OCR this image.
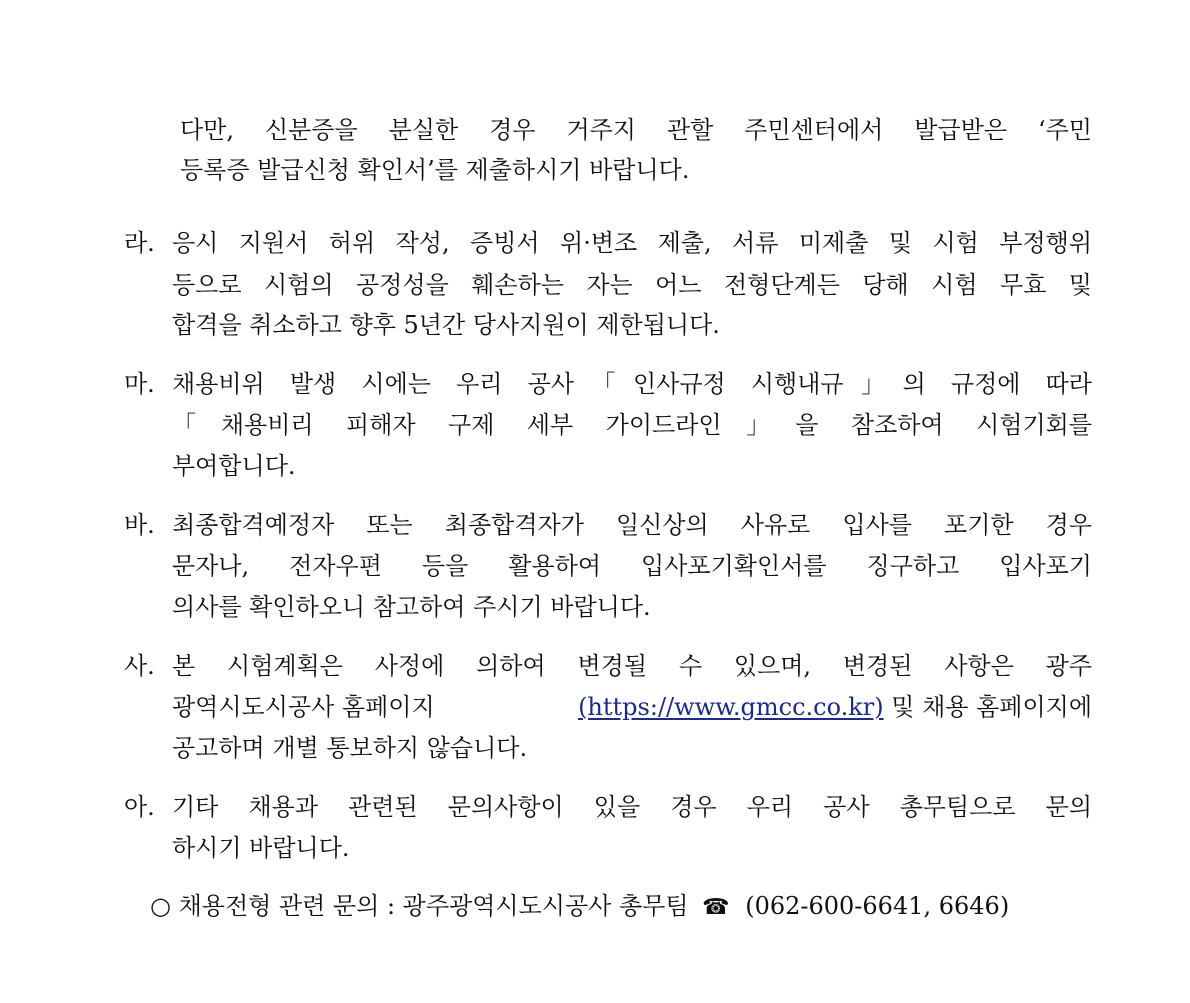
다만, 신분증을 분실한 경우 거주지 관할 주민센터에서 발급받은 ‘주민
등록증 발급신청 확인서’를 제출하시기 바랍니다.
라. 응시 지원서 허위 작성, 증빙서 위·변조 제출, 서류 미제출 및 시험 부정행위
등으로 시험의 공정성을 훼손하는 자는 어느 전형단계든 당해 시험 무효 및
합격을 취소하고 향후 5년간 당사지원이 제한됩니다.
마. 채용비위 발생 시에는 우리 공사「인사규정 시행내규」의 규정에 따라
「채용비리 피해자 구제 세부 가이드라인」을 참조하여 시험기회를
부여합니다.
바. 최종합격예정자 또는 최종합격자가 일신상의 사유로 입사를 포기한 경우
문자나, 전자우편 등을 활용하여 입사포기확인서를 징구하고 입사포기
의사를 확인하오니 참고하여 주시기 바랍니다.
사. 본 시험계획은 사정에 의하여 변경될 수 있으며, 변경된 사항은 광주
광역시도시공사 홈페이지	(https://www.gmcc.co.kr) 및 채용 홈페이지에
공고하며 개별 통보하지 않습니다.
아. 기타 채용과 관련된 문의사항이 있을 경우 우리 공사 총무팀으로 문의
하시기 바랍니다.
○ 채용전형 관련 문의 : 광주광역시도시공사 총무팀 ☎ (062-600-6641, 6646)
